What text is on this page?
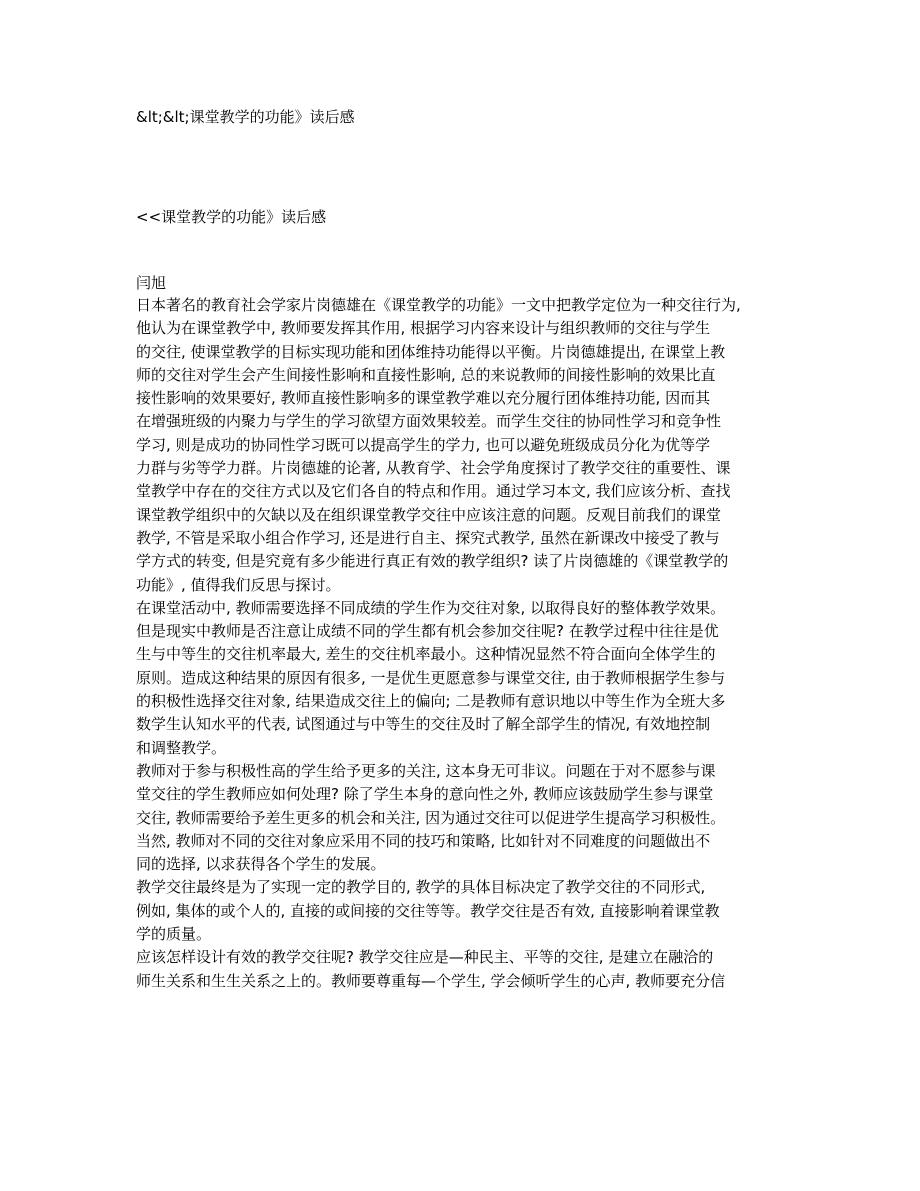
&lt;&lt;课堂教学的功能》读后感
<<课堂教学的功能》读后感
闫旭
日本著名的教育社会学家片岗德雄在《课堂教学的功能》一文中把教学定位为一种交往行为,
他认为在课堂教学中, 教师要发挥其作用, 根据学习内容来设计与组织教师的交往与学生
的交往, 使课堂教学的目标实现功能和团体维持功能得以平衡。片岗德雄提出, 在课堂上教
师的交往对学生会产生间接性影响和直接性影响, 总的来说教师的间接性影响的效果比直
接性影响的效果要好, 教师直接性影响多的课堂教学难以充分履行团体维持功能, 因而其
在增强班级的内聚力与学生的学习欲望方面效果较差。而学生交往的协同性学习和竞争性
学习, 则是成功的协同性学习既可以提高学生的学力, 也可以避免班级成员分化为优等学
力群与劣等学力群。片岗德雄的论著, 从教育学、社会学角度探讨了教学交往的重要性、课
堂教学中存在的交往方式以及它们各自的特点和作用。通过学习本文, 我们应该分析、查找
课堂教学组织中的欠缺以及在组织课堂教学交往中应该注意的问题。反观目前我们的课堂
教学, 不管是采取小组合作学习, 还是进行自主、探究式教学, 虽然在新课改中接受了教与
学方式的转变, 但是究竟有多少能进行真正有效的教学组织? 读了片岗德雄的《课堂教学的
功能》, 值得我们反思与探讨。
在课堂活动中, 教师需要选择不同成绩的学生作为交往对象, 以取得良好的整体教学效果。
但是现实中教师是否注意让成绩不同的学生都有机会参加交往呢? 在教学过程中往往是优
生与中等生的交往机率最大, 差生的交往机率最小。这种情况显然不符合面向全体学生的
原则。造成这种结果的原因有很多, 一是优生更愿意参与课堂交往, 由于教师根据学生参与
的积极性选择交往对象, 结果造成交往上的偏向; 二是教师有意识地以中等生作为全班大多
数学生认知水平的代表, 试图通过与中等生的交往及时了解全部学生的情况, 有效地控制
和调整教学。
教师对于参与积极性高的学生给予更多的关注, 这本身无可非议。问题在于对不愿参与课
堂交往的学生教师应如何处理? 除了学生本身的意向性之外, 教师应该鼓励学生参与课堂
交往, 教师需要给予差生更多的机会和关注, 因为通过交往可以促进学生提高学习积极性。
当然, 教师对不同的交往对象应采用不同的技巧和策略, 比如针对不同难度的问题做出不
同的选择, 以求获得各个学生的发展。
教学交往最终是为了实现一定的教学目的, 教学的具体目标决定了教学交往的不同形式,
例如, 集体的或个人的, 直接的或间接的交往等等。教学交往是否有效, 直接影响着课堂教
学的质量。
应该怎样设计有效的教学交往呢? 教学交往应是—种民主、平等的交往, 是建立在融洽的
师生关系和生生关系之上的。教师要尊重每—个学生, 学会倾听学生的心声, 教师要充分信
